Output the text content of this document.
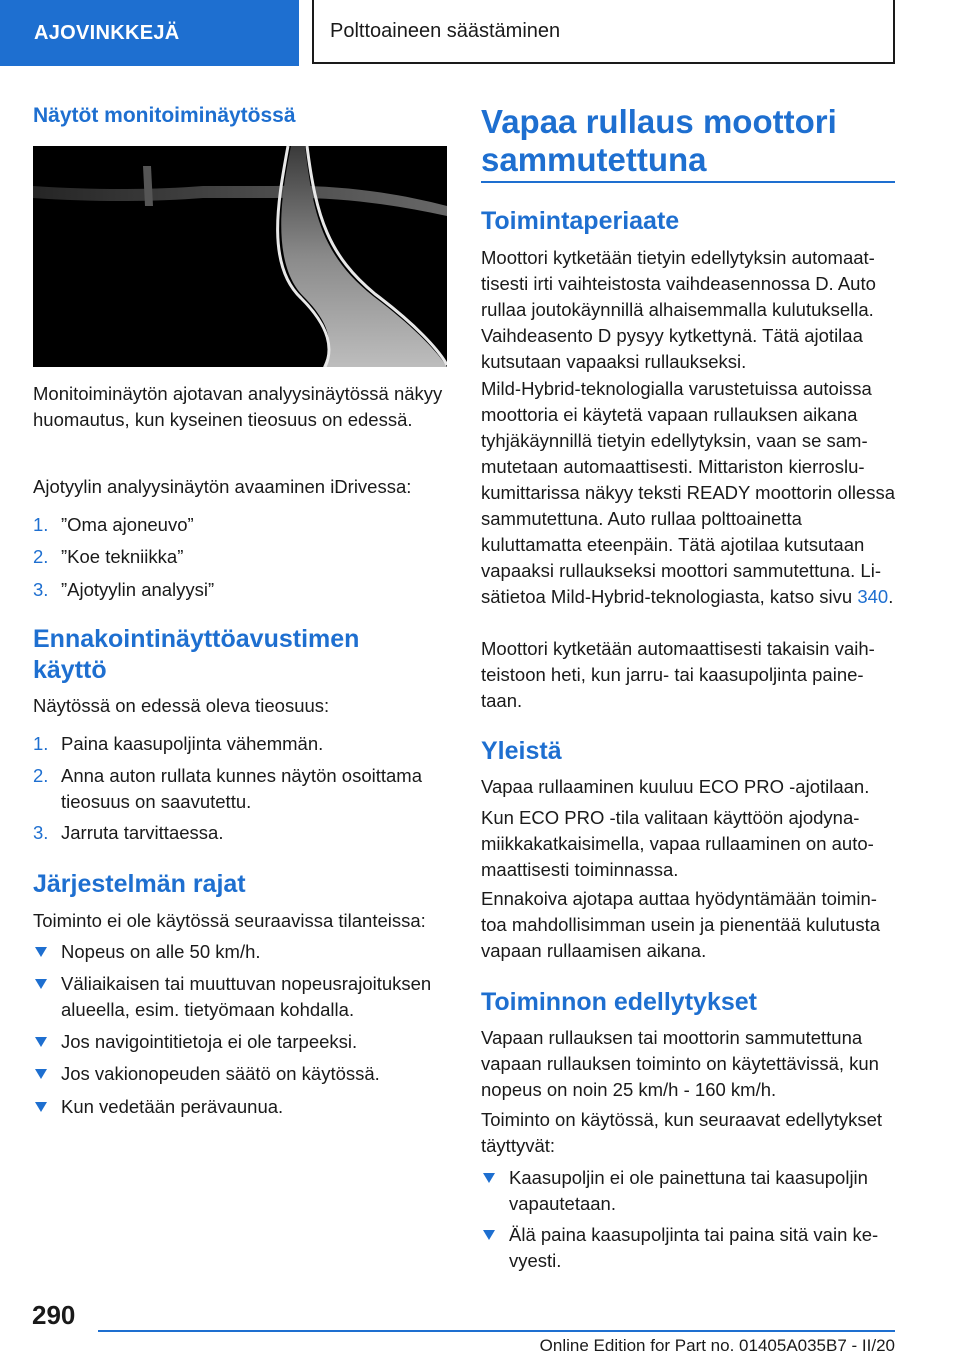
AJOVINKKEJÄ	Polttoaineen säästäminen
Näytöt monitoiminäytössä

Monitoiminäytön ajotavan analyysinäytössä näkyy huomautus, kun kyseinen tieosuus on edessä.

Ajotyylin analyysinäytön avaaminen iDrivessa:

1. ”Oma ajoneuvo”
2. ”Koe tekniikka”
3. ”Ajotyylin analyysi”
Ennakointinäyttöavustimen
käyttö

Näytössä on edessä oleva tieosuus:

1. Paina kaasupoljinta vähemmän.
2. Anna auton rullata kunnes näytön osoittama tieosuus on saavutettu.
3. Jarruta tarvittaessa.
Järjestelmän rajat

Toiminto ei ole käytössä seuraavissa tilanteissa:

Nopeus on alle 50 km/h.
Väliaikaisen tai muuttuvan nopeusrajoituksen alueella, esim. tietyömaan kohdalla.
Jos navigointitietoja ei ole tarpeeksi.
Jos vakionopeuden säätö on käytössä.
Kun vedetään perävaunua.
Vapaa rullaus moottori
sammutettuna
Toimintaperiaate

Moottori kytketään tietyin edellytyksin automaattisesti irti vaihteistosta vaihdeasennossa D. Auto rullaa joutokäynnillä alhaisemmalla kulutuksella. Vaihdeasento D pysyy kytkettynä. Tätä ajotilaa kutsutaan vapaaksi rullaukseksi.

Mild-Hybrid-teknologialla varustetuissa autoissa moottoria ei käytetä vapaan rullauksen aikana tyhjäkäynnillä tietyin edellytyksin, vaan se sammutetaan automaattisesti. Mittariston kierroslukumittarissa näkyy teksti READY moottorin ollessa sammutettuna. Auto rullaa polttoainetta kuluttamatta eteenpäin. Tätä ajotilaa kutsutaan vapaaksi rullaukseksi moottori sammutettuna. Lisätietoa Mild-Hybrid-teknologiasta, katso sivu 340.

Moottori kytketään automaattisesti takaisin vaihteistoon heti, kun jarru- tai kaasupoljinta painetaan.

Yleistä

Vapaa rullaaminen kuuluu ECO PRO -ajotilaan.

Kun ECO PRO -tila valitaan käyttöön ajodynamiikkakatkaisimella, vapaa rullaaminen on automaattisesti toiminnassa.

Ennakoiva ajotapa auttaa hyödyntämään toimintoa mahdollisimman usein ja pienentää kulutusta vapaan rullaamisen aikana.

Toiminnon edellytykset

Vapaan rullauksen tai moottorin sammutettuna vapaan rullauksen toiminto on käytettävissä, kun nopeus on noin 25 km/h - 160 km/h.

Toiminto on käytössä, kun seuraavat edellytykset täyttyvät:

Kaasupoljin ei ole painettuna tai kaasupoljin vapautetaan.
Älä paina kaasupoljinta tai paina sitä vain kevyesti.
290
Online Edition for Part no. 01405A035B7 - II/20
